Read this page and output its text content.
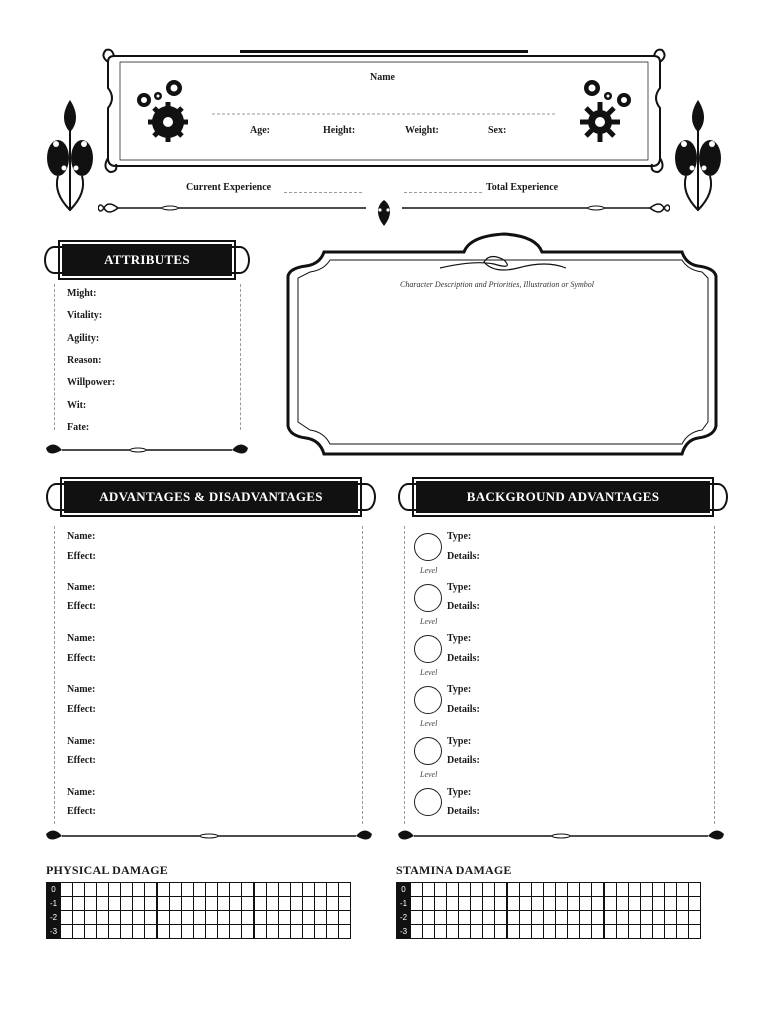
Name
Age:	Height:	Weight:	Sex:
Current Experience	Total Experience
ATTRIBUTES
Might:
Vitality:
Agility:
Reason:
Willpower:
Wit:
Fate:
Character Description and Priorities, Illustration or Symbol
ADVANTAGES & DISADVANTAGES
Name:
Effect:
Name:
Effect:
Name:
Effect:
Name:
Effect:
Name:
Effect:
Name:
Effect:
BACKGROUND ADVANTAGES
Level
Type:
Details:
Level
Type:
Details:
Level
Type:
Details:
Level
Type:
Details:
Level
Type:
Details:
Type:
Details:
PHYSICAL DAMAGE	STAMINA DAMAGE
0																								
-1																								
-2																								
-3																								
0																								
-1																								
-2																								
-3																								
